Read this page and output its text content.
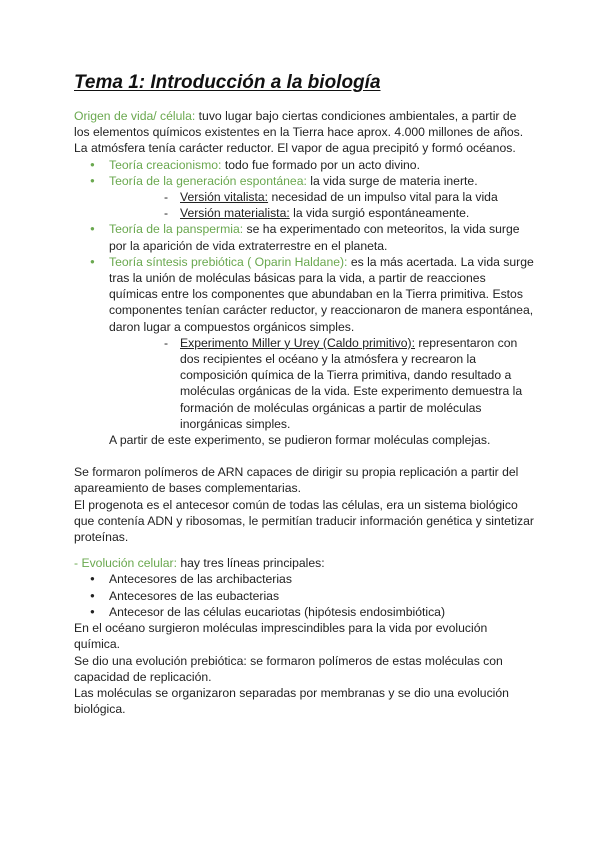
Tema 1: Introducción a la biología

Origen de vida/ célula: tuvo lugar bajo ciertas condiciones ambientales, a partir de los elementos químicos existentes en la Tierra hace aprox. 4.000 millones de años. La atmósfera tenía carácter reductor. El vapor de agua precipitó y formó océanos.

● Teoría creacionismo: todo fue formado por un acto divino.
● Teoría de la generación espontánea: la vida surge de materia inerte.
- Versión vitalista: necesidad de un impulso vital para la vida
- Versión materialista: la vida surgió espontáneamente.
● Teoría de la panspermia: se ha experimentado con meteoritos, la vida surge por la aparición de vida extraterrestre en el planeta.
● Teoría síntesis prebiótica ( Oparin Haldane): es la más acertada. La vida surge tras la unión de moléculas básicas para la vida, a partir de reacciones químicas entre los componentes que abundaban en la Tierra primitiva. Estos componentes tenían carácter reductor, y reaccionaron de manera espontánea, daron lugar a compuestos orgánicos simples.
- Experimento Miller y Urey (Caldo primitivo): representaron con dos recipientes el océano y la atmósfera y recrearon la composición química de la Tierra primitiva, dando resultado a moléculas orgánicas de la vida. Este experimento demuestra la formación de moléculas orgánicas a partir de moléculas inorgánicas simples.

A partir de este experimento, se pudieron formar moléculas complejas.

Se formaron polímeros de ARN capaces de dirigir su propia replicación a partir del apareamiento de bases complementarias.

El progenota es el antecesor común de todas las células, era un sistema biológico que contenía ADN y ribosomas, le permitían traducir información genética y sintetizar proteínas.

- Evolución celular: hay tres líneas principales:

● Antecesores de las archibacterias
● Antecesores de las eubacterias
● Antecesor de las células eucariotas (hipótesis endosimbiótica)

En el océano surgieron moléculas imprescindibles para la vida por evolución química.

Se dio una evolución prebiótica: se formaron polímeros de estas moléculas con capacidad de replicación.

Las moléculas se organizaron separadas por membranas y se dio una evolución biológica.
